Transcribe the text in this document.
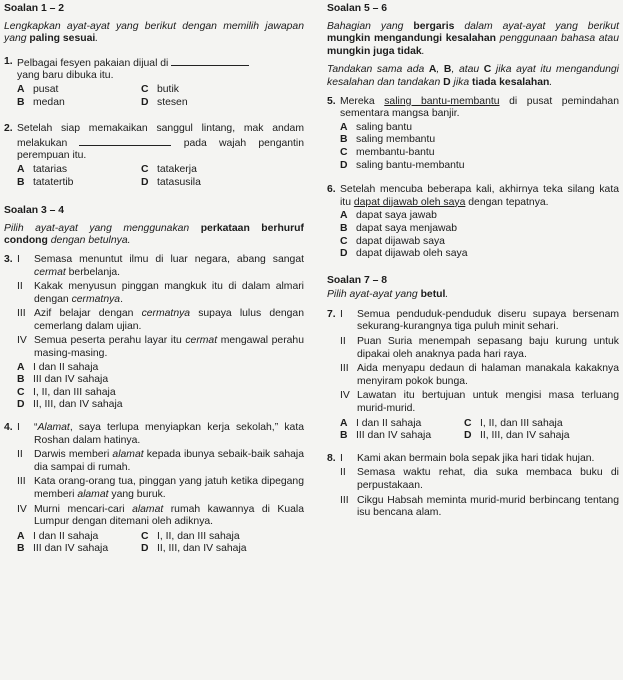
Soalan 1 – 2
Lengkapkan ayat-ayat yang berikut dengan memilih jawapan yang paling sesuai.
1. Pelbagai fesyen pakaian dijual di
yang baru dibuka itu.
A pusat	C butik
B medan	D stesen
2. Setelah siap memakaikan sanggul lintang, mak andam melakukan	pada wajah pengantin perempuan itu.
A tatarias	C tatakerja
B tatatertib	D tatasusila
Soalan 3 – 4
Pilih ayat-ayat yang menggunakan perkataan berhuruf condong dengan betulnya.
3. I	Semasa menuntut ilmu di luar negara, abang sangat cermat berbelanja.
II	Kakak menyusun pinggan mangkuk itu di dalam almari dengan cermatnya.
III Azif belajar dengan cermatnya supaya lulus dengan cemerlang dalam ujian.
IV Semua peserta perahu layar itu cermat mengawal perahu masing-masing.
A I dan II sahaja
B III dan IV sahaja
C I, II, dan III sahaja
D II, III, dan IV sahaja
4. I	“Alamat, saya terlupa menyiapkan kerja sekolah,” kata Roshan dalam hatinya.
II	Darwis memberi alamat kepada ibunya sebaik-baik sahaja dia sampai di rumah.
III Kata orang-orang tua, pinggan yang jatuh ketika dipegang memberi alamat yang buruk.
IV Murni mencari-cari alamat rumah kawannya di Kuala Lumpur dengan ditemani oleh adiknya.
A I dan II sahaja	C I, II, dan III sahaja
B III dan IV sahaja	D II, III, dan IV sahaja
Soalan 5 – 6
Bahagian yang bergaris dalam ayat-ayat yang berikut mungkin mengandungi kesalahan penggunaan bahasa atau mungkin juga tidak.
Tandakan sama ada A, B, atau C jika ayat itu mengandungi kesalahan dan tandakan D jika tiada kesalahan.
5. Mereka saling bantu-membantu di pusat pemindahan sementara mangsa banjir.
A saling bantu
B saling membantu
C membantu-bantu
D saling bantu-membantu
6. Setelah mencuba beberapa kali, akhirnya teka silang kata itu dapat dijawab oleh saya dengan tepatnya.
A dapat saya jawab
B dapat saya menjawab
C dapat dijawab saya
D dapat dijawab oleh saya
Soalan 7 – 8
Pilih ayat-ayat yang betul.
7. I	Semua penduduk-penduduk diseru supaya bersenam sekurang-kurangnya tiga puluh minit sehari.
II	Puan Suria menempah sepasang baju kurung untuk dipakai oleh anaknya pada hari raya.
III Aida menyapu dedaun di halaman manakala kakaknya menyiram pokok bunga.
IV Lawatan itu bertujuan untuk mengisi masa terluang murid-murid.
A I dan II sahaja	C I, II, dan III sahaja
B III dan IV sahaja	D II, III, dan IV sahaja
8. I	Kami akan bermain bola sepak jika hari tidak hujan.
II	Semasa waktu rehat, dia suka membaca buku di perpustakaan.
III Cikgu Habsah meminta murid-murid berbincang tentang isu bencana alam.
